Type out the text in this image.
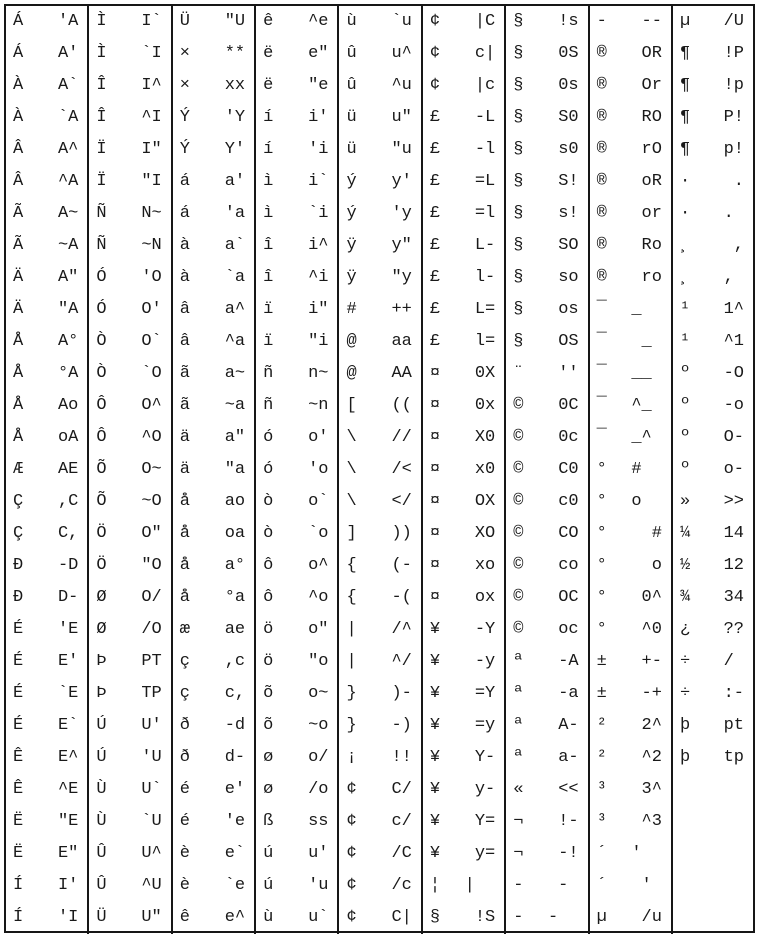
Á	'A
Á	A'
À	A`
À	`A
Â	A^
Â	^A
Ã	A~
Ã	~A
Ä	A"
Ä	"A
Å	A°
Å	°A
Å	Ao
Å	oA
Æ	AE
Ç	,C
Ç	C,
Ð	-D
Ð	D-
É	'E
É	E'
É	`E
É	E`
Ê	E^
Ê	^E
Ë	"E
Ë	E"
Í	I'
Í	'I
Ì	I`
Ì	`I
Î	I^
Î	^I
Ï	I"
Ï	"I
Ñ	N~
Ñ	~N
Ó	'O
Ó	O'
Ò	O`
Ò	`O
Ô	O^
Ô	^O
Õ	O~
Õ	~O
Ö	O"
Ö	"O
Ø	O/
Ø	/O
Þ	PT
Þ	TP
Ú	U'
Ú	'U
Ù	U`
Ù	`U
Û	U^
Û	^U
Ü	U"
Ü	"U
×	**
×	xx
Ý	'Y
Ý	Y'
á	a'
á	'a
à	a`
à	`a
â	a^
â	^a
ã	a~
ã	~a
ä	a"
ä	"a
å	ao
å	oa
å	a°
å	°a
æ	ae
ç	,c
ç	c,
ð	-d
ð	d-
é	e'
é	'e
è	e`
è	`e
ê	e^
ê	^e
ë	e"
ë	"e
í	i'
í	'i
ì	i`
ì	`i
î	i^
î	^i
ï	i"
ï	"i
ñ	n~
ñ	~n
ó	o'
ó	'o
ò	o`
ò	`o
ô	o^
ô	^o
ö	o"
ö	"o
õ	o~
õ	~o
ø	o/
ø	/o
ß	ss
ú	u'
ú	'u
ù	u`
ù	`u
û	u^
û	^u
ü	u"
ü	"u
ý	y'
ý	'y
ÿ	y"
ÿ	"y
#	++
@	aa
@	AA
[	((
\	//
\	/<
\	</
]	))
{	(-
{	-(
|	/^
|	^/
}	)-
}	-)
¡	!!
¢	C/
¢	c/
¢	/C
¢	/c
¢	C|
¢	|C
¢	c|
¢	|c
£	-L
£	-l
£	=L
£	=l
£	L-
£	l-
£	L=
£	l=
¤	0X
¤	0x
¤	X0
¤	x0
¤	OX
¤	XO
¤	xo
¤	ox
¥	-Y
¥	-y
¥	=Y
¥	=y
¥	Y-
¥	y-
¥	Y=
¥	y=
¦ |
§	!S
§	!s
§	0S
§	0s
§	S0
§	s0
§	S!
§	s!
§	SO
§	so
§	os
§	OS
¨	''
©	0C
©	0c
©	C0
©	c0
©	CO
©	co
©	OC
©	oc
ª	-A
ª	-a
ª	A-
ª	a-
«	<<
¬	!-
¬	-!
- -
- -
-	--
®	OR
®	Or
®	RO
®	rO
®	oR
®	or
®	Ro
®	ro
¯ _
¯ _
¯ __
¯ ^_
¯ _^
° #
° o
° #
° o
°	0^
°	^0
±	+-
±	-+
²	2^
²	^2
³	3^
³	^3
´ '
´ '
µ	/u
µ	/U
¶	!P
¶	!p
¶	P!
¶	p!
· .
· .
¸ ,
¸ ,
¹	1^
¹	^1
º	-O
º	-o
º	O-
º	o-
»	>>
¼	14
½	12
¾	34
¿	??
÷ /
÷	:-
þ	pt
þ	tp
